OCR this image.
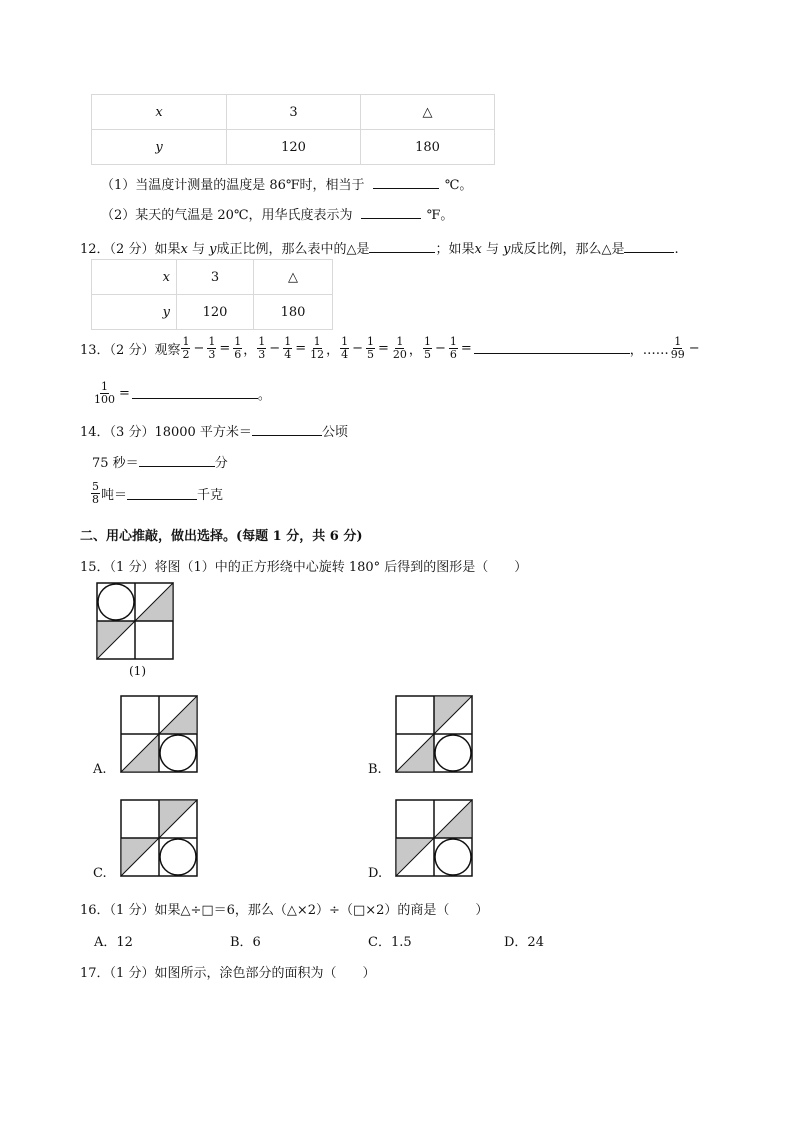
x	3	△
y	120	180
（1）当温度计测量的温度是 86℉时，相当于	℃。
（2）某天的气温是 20℃，用华氏度表示为	℉。
12．（2 分）如果x 与 y成正比例，那么表中的△是	；如果x 与 y成反比例，那么△是	.
x	3	△
y	120	180
13．（2 分）观察 $\frac{1}{2} - \frac{1}{3} = \frac{1}{6}$ ， $\frac{1}{3} - \frac{1}{4} = \frac{1}{12}$ ， $\frac{1}{4} - \frac{1}{5} = \frac{1}{20}$ ， $\frac{1}{5} - \frac{1}{6}$ =	，…… $\frac{1}{99}$ −
$\frac{1}{100}$ =	。
14．（3 分）18000 平方米＝	公顷
75 秒＝	分
$\frac{5}{8}$ 吨＝	千克
二、用心推敲，做出选择。(每题 1 分，共 6 分)
15．（1 分）将图（1）中的正方形绕中心旋转 180° 后得到的图形是（　　）
(1)
A.	B.
C.	D.
16．（1 分）如果△÷□＝6，那么（△×2）÷（□×2）的商是（　　）
A．12	B．6	C．1.5	D．24
17．（1 分）如图所示，涂色部分的面积为（　　）
